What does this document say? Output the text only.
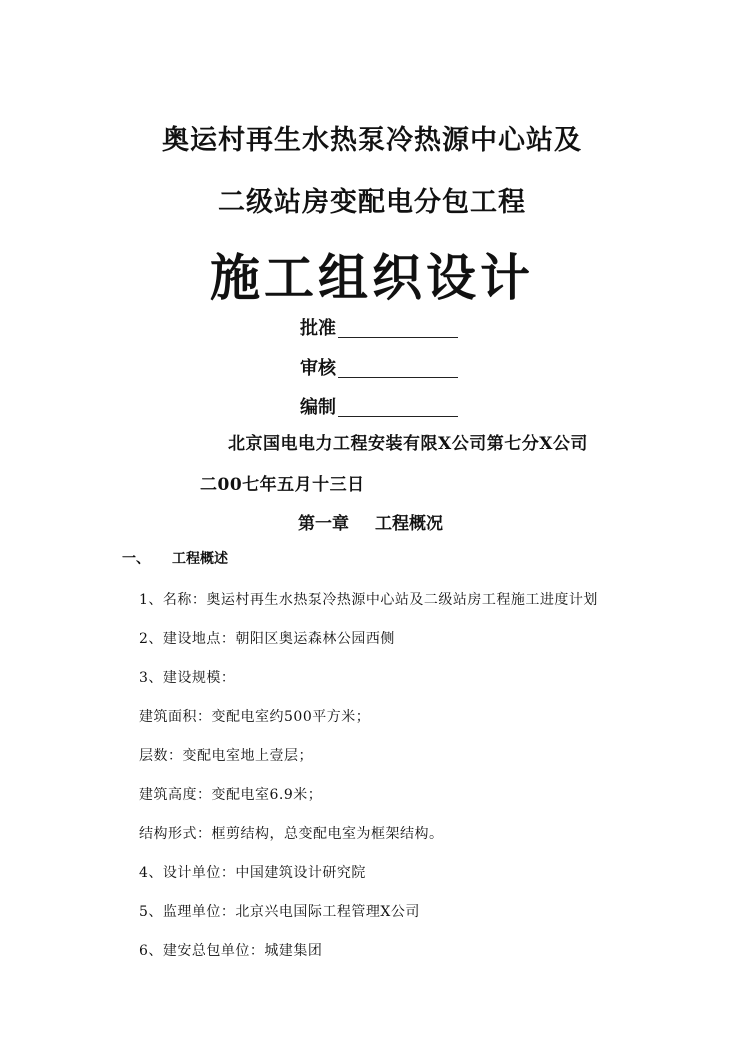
奥运村再生水热泵冷热源中心站及
二级站房变配电分包工程
施工组织设计
批准
审核
编制
北京国电电力工程安装有限X公司第七分X公司
二00七年五月十三日
第一章 工程概况
一、 工程概述
1、名称：奥运村再生水热泵冷热源中心站及二级站房工程施工进度计划
2、建设地点：朝阳区奥运森林公园西侧
3、建设规模：
建筑面积：变配电室约500平方米；
层数：变配电室地上壹层；
建筑高度：变配电室6.9米；
结构形式：框剪结构，总变配电室为框架结构。
4、设计单位：中国建筑设计研究院
5、监理单位：北京兴电国际工程管理X公司
6、建安总包单位：城建集团
